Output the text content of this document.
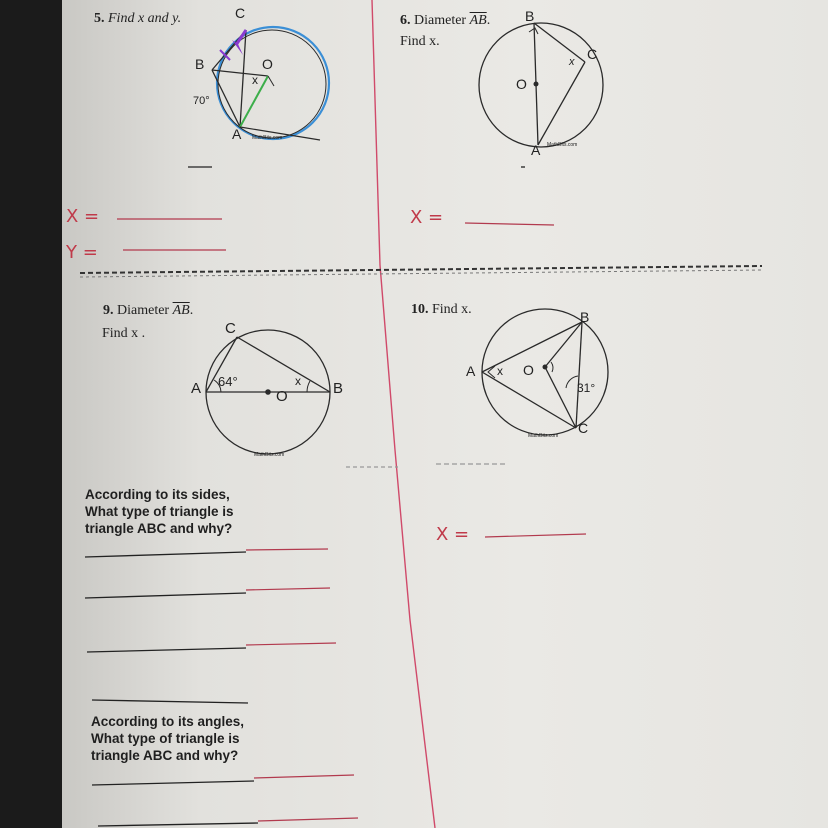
5. Find x and y.	C
B	O
x
70°
A MathBits.com
6. Diameter $\overline{AB}$.
Find x.
B
C
x
O
A MathBits.com
X =
Y =
X =
9. Diameter $\overline{AB}$.
Find x .	C
A 64°	x
O	B
MathBits.com
10. Find x.	B
A x O
31°
C
MathBits.com
X =
According to its sides,
What type of triangle is
triangle ABC and why?
According to its angles,
What type of triangle is
triangle ABC and why?
